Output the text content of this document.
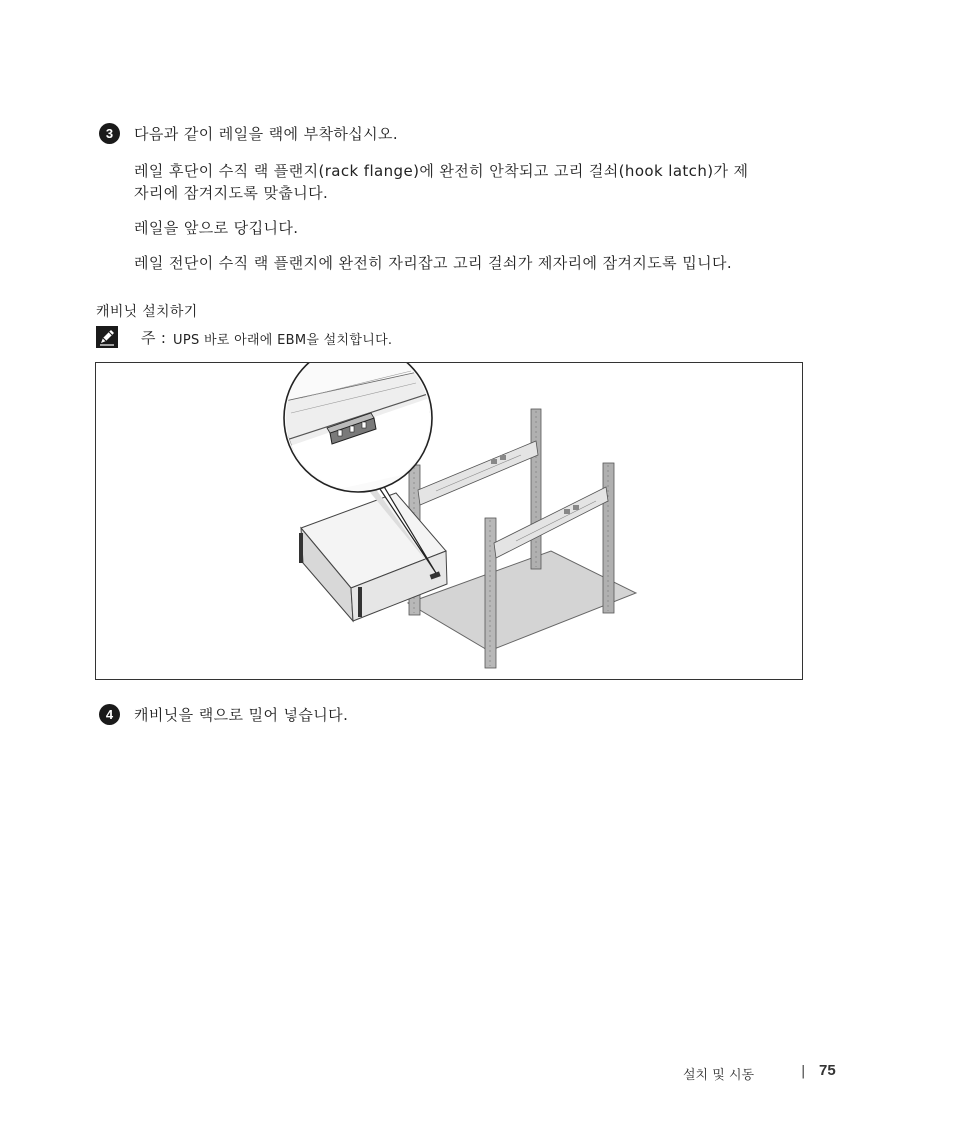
3	다음과 같이 레일을 랙에 부착하십시오.
레일 후단이 수직 랙 플랜지(rack flange)에 완전히 안착되고 고리 걸쇠(hook latch)가 제
자리에 잠겨지도록 맞춥니다.
레일을 앞으로 당깁니다.
레일 전단이 수직 랙 플랜지에 완전히 자리잡고 고리 걸쇠가 제자리에 잠겨지도록 밉니다.
캐비닛 설치하기
주 : UPS 바로 아래에 EBM을 설치합니다.
4	캐비닛을 랙으로 밀어 넣습니다.
설치 및 시동	| 75
